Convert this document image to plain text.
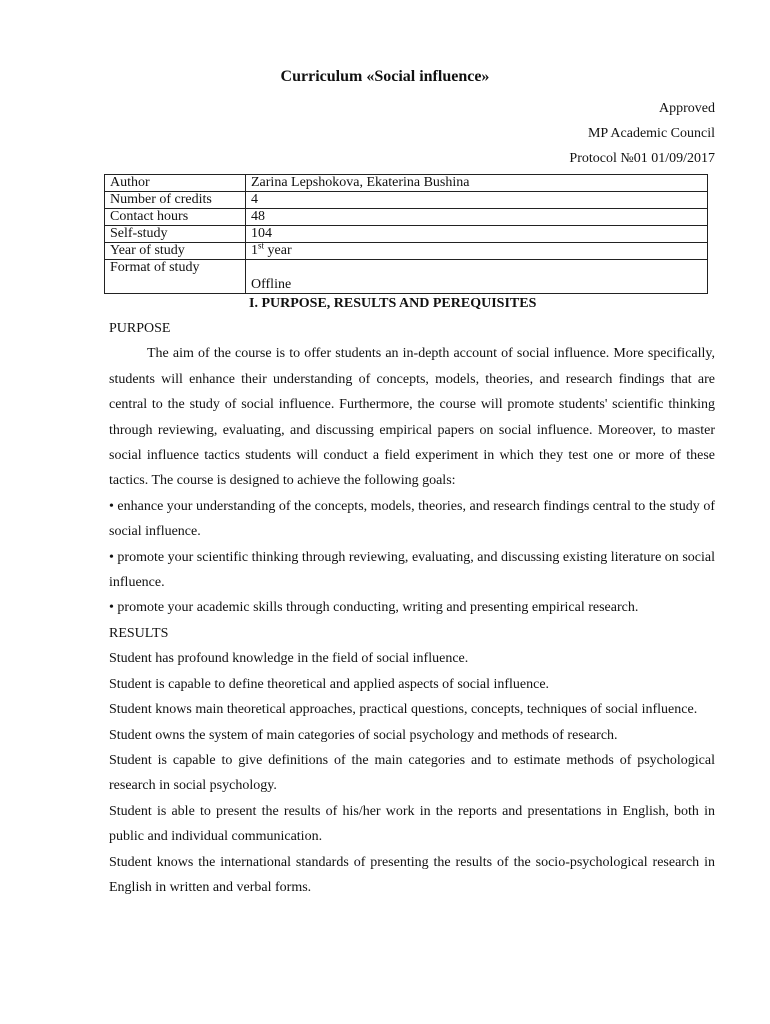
Curriculum «Social influence»
Approved
MP Academic Council
Protocol №01 01/09/2017
Author	Zarina Lepshokova, Ekaterina Bushina
Number of credits	4
Contact hours	48
Self-study	104
Year of study	1st year
Format of study	Offline
I. PURPOSE, RESULTS AND PEREQUISITES

PURPOSE

The aim of the course is to offer students an in-depth account of social influence. More specifically, students will enhance their understanding of concepts, models, theories, and research findings that are central to the study of social influence. Furthermore, the course will promote students' scientific thinking through reviewing, evaluating, and discussing empirical papers on social influence. Moreover, to master social influence tactics students will conduct a field experiment in which they test one or more of these tactics. The course is designed to achieve the following goals:

• enhance your understanding of the concepts, models, theories, and research findings central to the study of social influence.

• promote your scientific thinking through reviewing, evaluating, and discussing existing literature on social influence.

• promote your academic skills through conducting, writing and presenting empirical research.

RESULTS

Student has profound knowledge in the field of social influence.

Student is capable to define theoretical and applied aspects of social influence.

Student knows main theoretical approaches, practical questions, concepts, techniques of social influence.

Student owns the system of main categories of social psychology and methods of research.

Student is capable to give definitions of the main categories and to estimate methods of psychological research in social psychology.

Student is able to present the results of his/her work in the reports and presentations in English, both in public and individual communication.

Student knows the international standards of presenting the results of the socio-psychological research in English in written and verbal forms.
